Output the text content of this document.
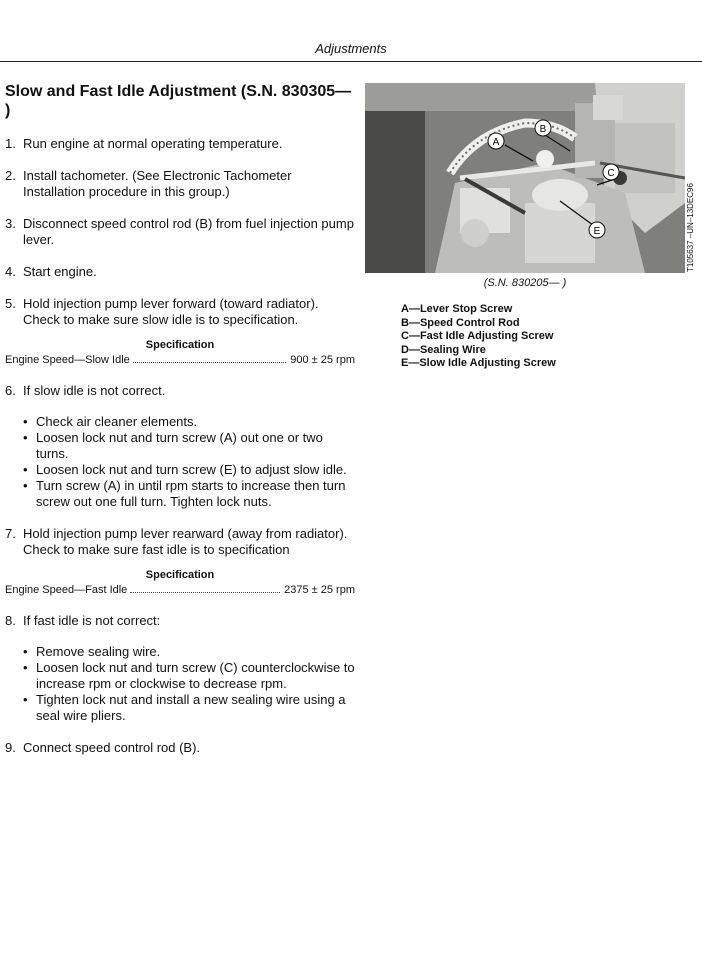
Adjustments
Slow and Fast Idle Adjustment (S.N. 830305— )
1. Run engine at normal operating temperature.
2. Install tachometer. (See Electronic Tachometer Installation procedure in this group.)
3. Disconnect speed control rod (B) from fuel injection pump lever.
4. Start engine.
5. Hold injection pump lever forward (toward radiator). Check to make sure slow idle is to specification.
Specification
Engine Speed—Slow Idle	900 ± 25 rpm
6. If slow idle is not correct.
• Check air cleaner elements.
• Loosen lock nut and turn screw (A) out one or two turns.
• Loosen lock nut and turn screw (E) to adjust slow idle.
• Turn screw (A) in until rpm starts to increase then turn screw out one full turn. Tighten lock nuts.
7. Hold injection pump lever rearward (away from radiator). Check to make sure fast idle is to specification
Specification
Engine Speed—Fast Idle	2375 ± 25 rpm
8. If fast idle is not correct:
• Remove sealing wire.
• Loosen lock nut and turn screw (C) counterclockwise to increase rpm or clockwise to decrease rpm.
• Tighten lock nut and install a new sealing wire using a seal wire pliers.
9. Connect speed control rod (B).
A
B
C
E	T105637 –UN–13DEC96
(S.N. 830205— )
A—Lever Stop Screw
B—Speed Control Rod
C—Fast Idle Adjusting Screw
D—Sealing Wire
E—Slow Idle Adjusting Screw
